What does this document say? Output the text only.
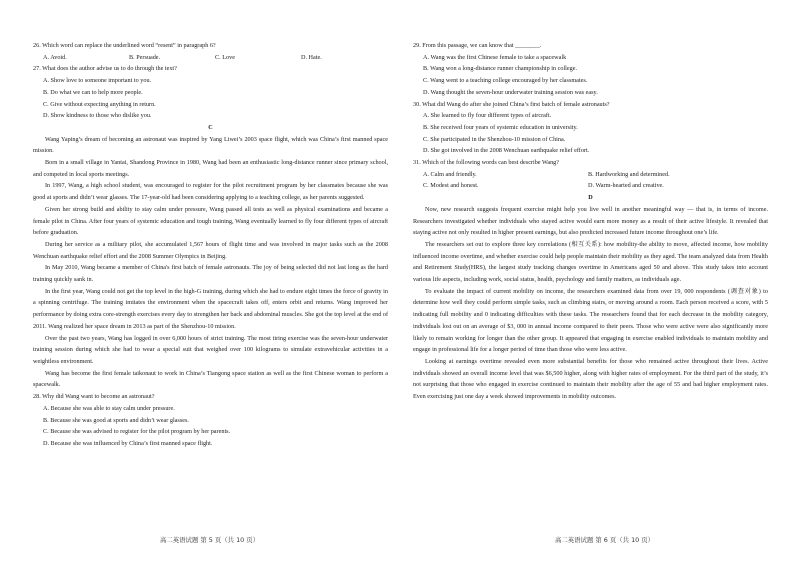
26. Which word can replace the underlined word “resent” in paragraph 6?
A. Avoid.	B. Persuade.	C. Love	D. Hate.
27. What does the author advise us to do through the text?
A. Show love to someone important to you.
B. Do what we can to help more people.
C. Give without expecting anything in return.
D. Show kindness to those who dislike you.
C

Wang Yaping’s dream of becoming an astronaut was inspired by Yang Liwei’s 2003 space flight, which was China’s first manned space mission.

Born in a small village in Yantai, Shandong Province in 1980, Wang had been an enthusiastic long-distance runner since primary school, and competed in local sports meetings.

In 1997, Wang, a high school student, was encouraged to register for the pilot recruitment program by her classmates because she was good at sports and didn’t wear glasses. The 17-year-old had been considering applying to a teaching college, as her parents suggested.

Given her strong build and ability to stay calm under pressure, Wang passed all tests as well as physical examinations and became a female pilot in China. After four years of systemic education and tough training, Wang eventually learned to fly four different types of aircraft before graduation.

During her service as a military pilot, she accumulated 1,567 hours of flight time and was involved in major tasks such as the 2008 Wenchuan earthquake relief effort and the 2008 Summer Olympics in Beijing.

In May 2010, Wang became a member of China's first batch of female astronauts. The joy of being selected did not last long as the hard training quickly sank in.

In the first year, Wang could not get the top level in the high-G training, during which she had to endure eight times the force of gravity in a spinning centrifuge. The training imitates the environment when the spacecraft takes off, enters orbit and returns. Wang improved her performance by doing extra core-strength exercises every day to strengthen her back and abdominal muscles. She got the top level at the end of 2011. Wang realized her space dream in 2013 as part of the Shenzhou-10 mission.

Over the past two years, Wang has logged in over 6,000 hours of strict training. The most tiring exercise was the seven-hour underwater training session during which she had to wear a special suit that weighed over 100 kilograms to simulate extravehicular activities in a weightless environment.

Wang has become the first female taikonaut to work in China’s Tiangong space station as well as the first Chinese woman to perform a spacewalk.

28. Why did Wang want to become an astronaut?
A. Because she was able to stay calm under pressure.
B. Because she was good at sports and didn’t wear glasses.
C. Because she was advised to register for the pilot program by her parents.
D. Because she was influenced by China’s first manned space flight.
29. From this passage, we can know that ________.
A. Wang was the first Chinese female to take a spacewalk
B. Wang won a long-distance runner championship in college.
C. Wang went to a teaching college encouraged by her classmates.
D. Wang thought the seven-hour underwater training session was easy.
30. What did Wang do after she joined China’s first batch of female astronauts?
A. She learned to fly four different types of aircraft.
B. She received four years of systemic education in university.
C. She participated in the Shenzhou-10 mission of China.
D. She got involved in the 2008 Wenchuan earthquake relief effort.
31. Which of the following words can best describe Wang?
A. Calm and friendly.	B. Hardworking and determined.
C. Modest and honest.	D. Warm-hearted and creative.
D

Now, new research suggests frequent exercise might help you live well in another meaningful way — that is, in terms of income. Researchers investigated whether individuals who stayed active would earn more money as a result of their active lifestyle. It revealed that staying active not only resulted in higher present earnings, but also predicted increased future income throughout one’s life.

The researchers set out to explore three key correlations (相互关系): how mobility-the ability to move, affected income, how mobility influenced income overtime, and whether exercise could help people maintain their mobility as they aged. The team analyzed data from Health and Retirement Study(HRS), the largest study tracking changes overtime in Americans aged 50 and above. This study takes into account various life aspects, including work, social status, health, psychology and family matters, as individuals age.

To evaluate the impact of current mobility on income, the researchers examined data from over 19, 000 respondents (调查对象) to determine how well they could perform simple tasks, such as climbing stairs, or moving around a room. Each person received a score, with 5 indicating full mobility and 0 indicating difficulties with these tasks. The researchers found that for each decrease in the mobility category, individuals lost out on an average of $3, 000 in annual income compared to their peers. Those who were active were also significantly more likely to remain working for longer than the other group. It appeared that engaging in exercise enabled individuals to maintain mobility and engage in professional life for a longer period of time than those who were less active.

Looking at earnings overtime revealed even more substantial benefits for those who remained active throughout their lives. Active individuals showed an overall income level that was $6,500 higher, along with higher rates of employment. For the third part of the study, it’s not surprising that those who engaged in exercise continued to maintain their mobility after the age of 55 and had higher employment rates. Even exercising just one day a week showed improvements in mobility outcomes.

高二英语试题 第 5 页（共 10 页）	高二英语试题 第 6 页（共 10 页）
